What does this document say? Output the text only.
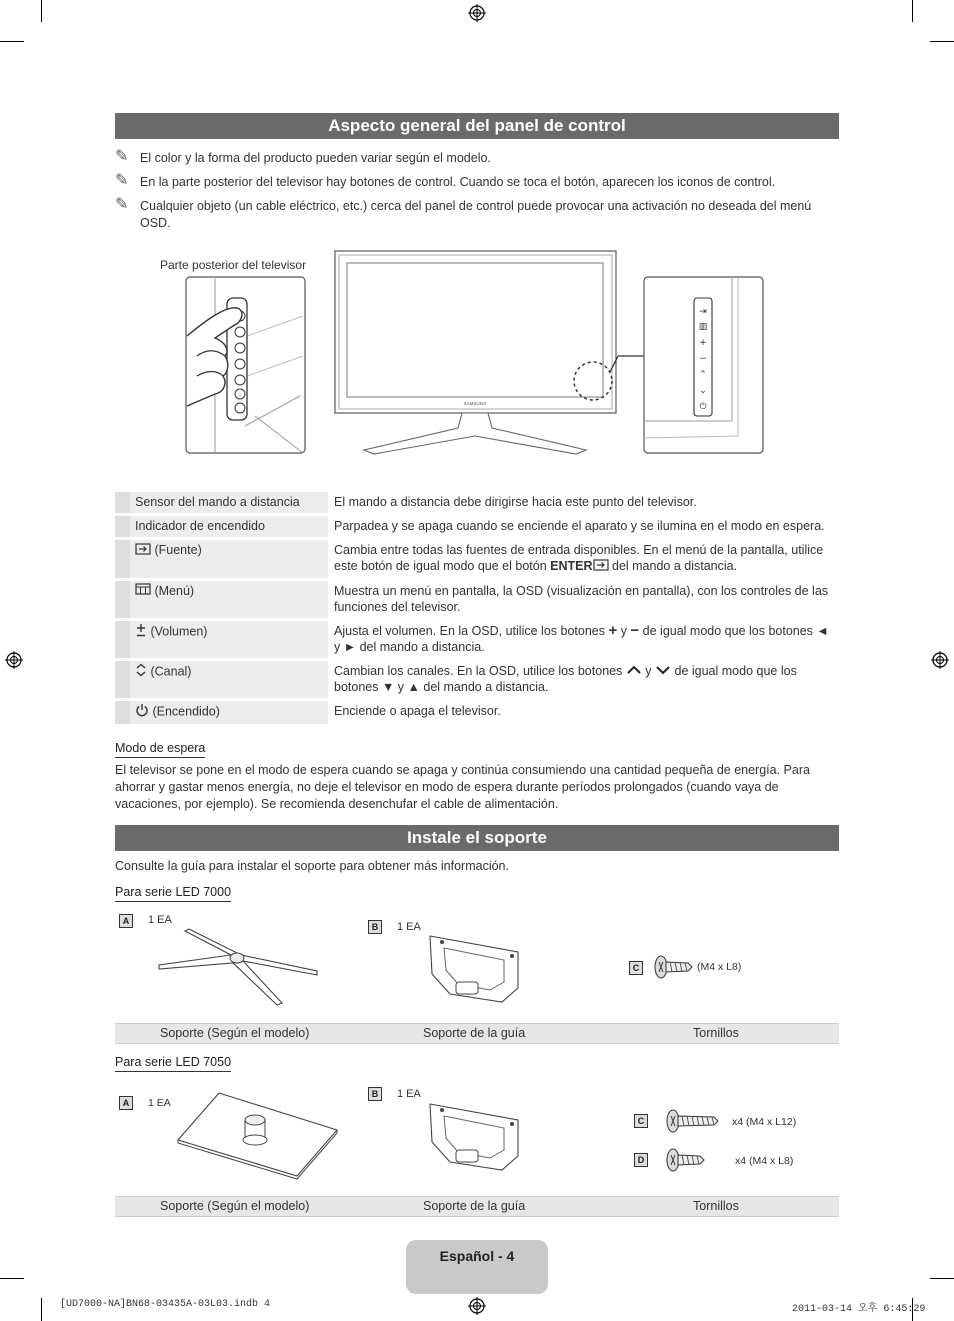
Aspecto general del panel de control
✎ El color y la forma del producto pueden variar según el modelo.
✎ En la parte posterior del televisor hay botones de control. Cuando se toca el botón, aparecen los iconos de control.
✎ Cualquier objeto (un cable eléctrico, etc.) cerca del panel de control puede provocar una activación no deseada del menú OSD.
Parte posterior del televisor
SAMSUNG
⇥
▥
+
−
⌃
⌄
⏻
	Sensor del mando a distancia	El mando a distancia debe dirigirse hacia este punto del televisor.
	Indicador de encendido	Parpadea y se apaga cuando se enciende el aparato y se ilumina en el modo en espera.
	(Fuente)	Cambia entre todas las fuentes de entrada disponibles. En el menú de la pantalla, utilice este botón de igual modo que el botón ENTER del mando a distancia.
	(Menú)	Muestra un menú en pantalla, la OSD (visualización en pantalla), con los controles de las funciones del televisor.
	(Volumen)	Ajusta el volumen. En la OSD, utilice los botones + y − de igual modo que los botones ◄ y ► del mando a distancia.
	(Canal)	Cambian los canales. En la OSD, utilice los botones  y  de igual modo que los botones ▼ y ▲ del mando a distancia.
	(Encendido)	Enciende o apaga el televisor.
Modo de espera
El televisor se pone en el modo de espera cuando se apaga y continúa consumiendo una cantidad pequeña de energía. Para ahorrar y gastar menos energía, no deje el televisor en modo de espera durante períodos prolongados (cuando vaya de vacaciones, por ejemplo). Se recomienda desenchufar el cable de alimentación.
Instale el soporte
Consulte la guía para instalar el soporte para obtener más información.
Para serie LED 7000
A	1 EA
B	1 EA
C	(M4 x L8)
Soporte (Según el modelo)	Soporte de la guía	Tornillos
Para serie LED 7050
A	1 EA
B	1 EA
C	x4 (M4 x L12)
D	x4 (M4 x L8)
Soporte (Según el modelo)	Soporte de la guía	Tornillos
Español - 4
[UD7000-NA]BN68-03435A-03L03.indb 4	2011-03-14 오후 6:45:29
